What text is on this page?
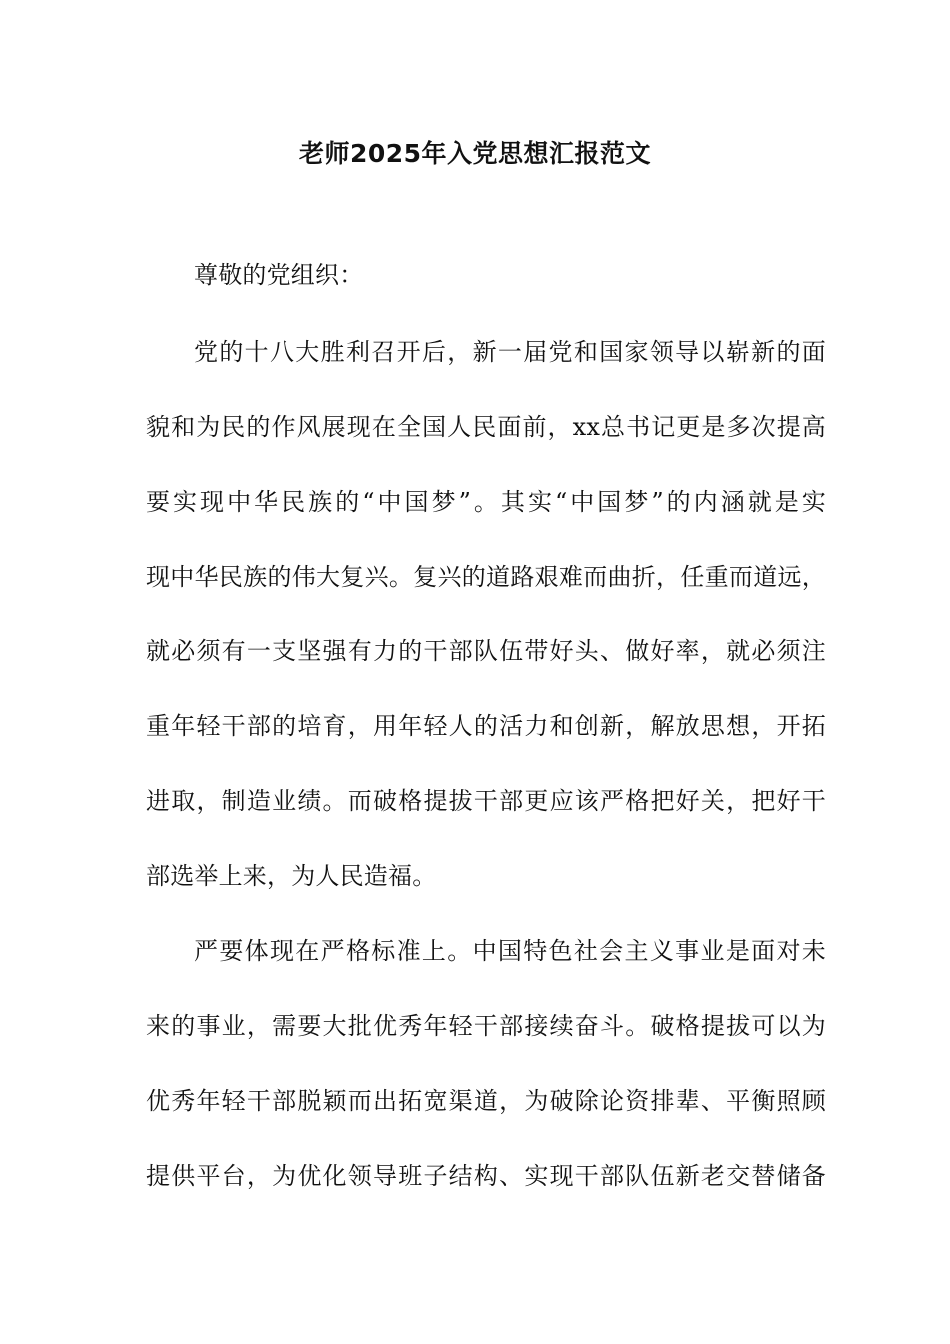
老师2025年入党思想汇报范文
尊敬的党组织：
党的十八大胜利召开后，新一届党和国家领导以崭新的面
貌和为民的作风展现在全国人民面前，xx总书记更是多次提高
要实现中华民族的“中国梦”。其实“中国梦”的内涵就是实
现中华民族的伟大复兴。复兴的道路艰难而曲折，任重而道远，
就必须有一支坚强有力的干部队伍带好头、做好率，就必须注
重年轻干部的培育，用年轻人的活力和创新，解放思想，开拓
进取，制造业绩。而破格提拔干部更应该严格把好关，把好干
部选举上来，为人民造福。
严要体现在严格标准上。中国特色社会主义事业是面对未
来的事业，需要大批优秀年轻干部接续奋斗。破格提拔可以为
优秀年轻干部脱颖而出拓宽渠道，为破除论资排辈、平衡照顾
提供平台，为优化领导班子结构、实现干部队伍新老交替储备
